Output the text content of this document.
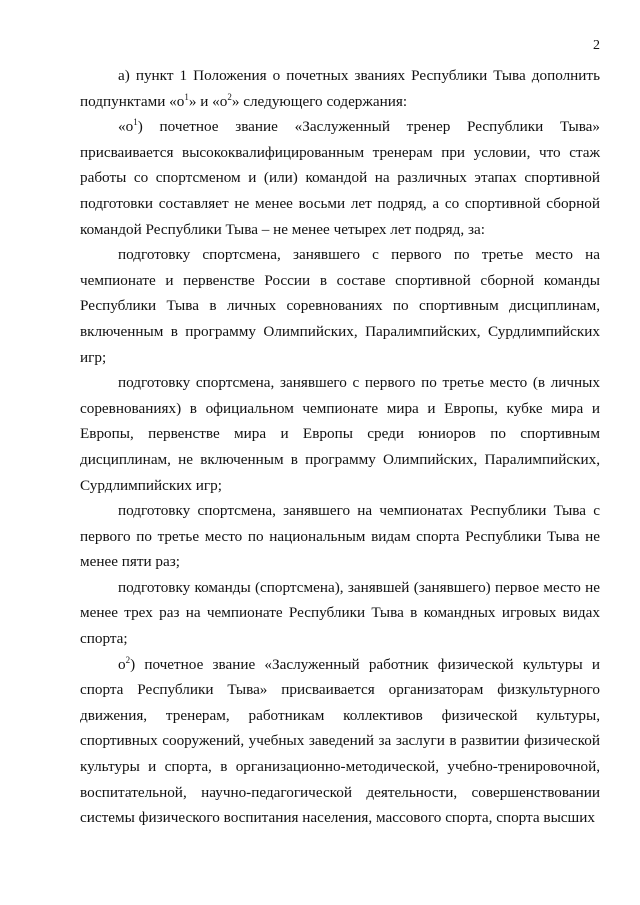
2

а) пункт 1 Положения о почетных званиях Республики Тыва дополнить подпунктами «$о^1$» и «$о^2$» следующего содержания:

«$о^1$) почетное звание «Заслуженный тренер Республики Тыва» присваивается высококвалифицированным тренерам при условии, что стаж работы со спортсменом и (или) командой на различных этапах спортивной подготовки составляет не менее восьми лет подряд, а со спортивной сборной командой Республики Тыва – не менее четырех лет подряд, за:

подготовку спортсмена, занявшего с первого по третье место на чемпионате и первенстве России в составе спортивной сборной команды Республики Тыва в личных соревнованиях по спортивным дисциплинам, включенным в программу Олимпийских, Паралимпийских, Сурдлимпийских игр;

подготовку спортсмена, занявшего с первого по третье место (в личных соревнованиях) в официальном чемпионате мира и Европы, кубке мира и Европы, первенстве мира и Европы среди юниоров по спортивным дисциплинам, не включенным в программу Олимпийских, Паралимпийских, Сурдлимпийских игр;

подготовку спортсмена, занявшего на чемпионатах Республики Тыва с первого по третье место по национальным видам спорта Республики Тыва не менее пяти раз;

подготовку команды (спортсмена), занявшей (занявшего) первое место не менее трех раз на чемпионате Республики Тыва в командных игровых видах спорта;

$о^2$) почетное звание «Заслуженный работник физической культуры и спорта Республики Тыва» присваивается организаторам физкультурного движения, тренерам, работникам коллективов физической культуры, спортивных сооружений, учебных заведений за заслуги в развитии физической культуры и спорта, в организационно-методической, учебно-тренировочной, воспитательной, научно-педагогической деятельности, совершенствовании системы физического воспитания населения, массового спорта, спорта высших
